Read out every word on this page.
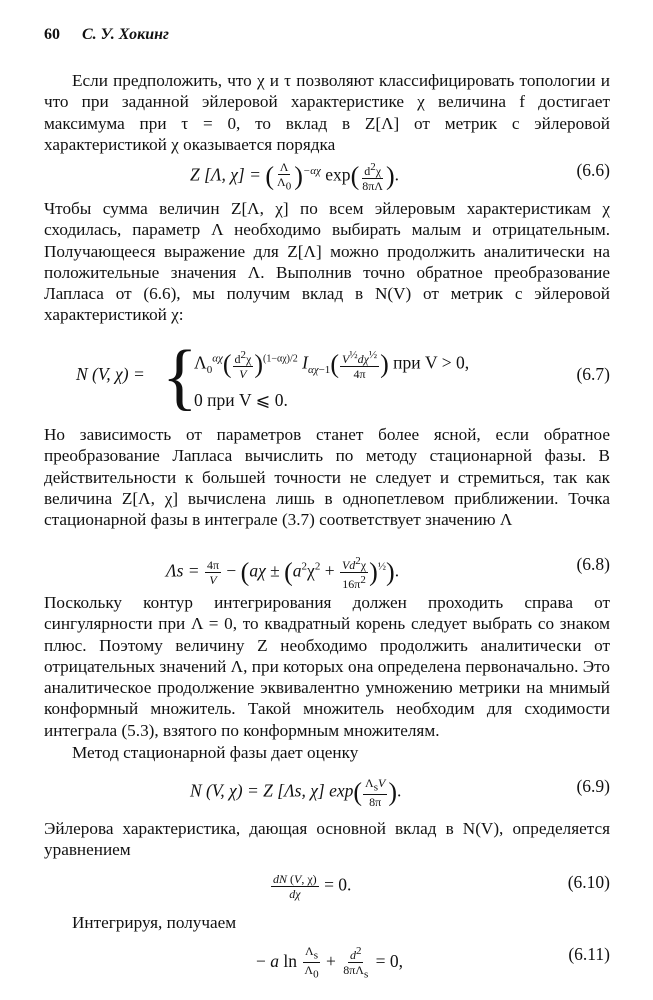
60 С. У. Хокинг

Если предположить, что χ и τ позволяют классифицировать топологии и что при заданной эйлеровой характеристике χ величина f достигает максимума при τ = 0, то вклад в Z[Λ] от метрик с эйлеровой характеристикой χ оказывается порядка

Z [Λ, χ] = ( $\frac{\Lambda}{\Lambda_0} )^{-\alpha\chi}$ $\exp( \frac{d^2\chi}{8\pi\Lambda}$ ).	(6.6)

Чтобы сумма величин Z[Λ, χ] по всем эйлеровым характеристикам χ сходилась, параметр Λ необходимо выбирать малым и отрицательным. Получающееся выражение для Z[Λ] можно продолжить аналитически на положительные значения Λ. Выполнив точно обратное преобразование Лапласа от (6.6), мы получим вклад в N(V) от метрик с эйлеровой характеристикой χ:

N (V, χ) = {
$\Lambda_0^{\alpha\chi}( \frac{d^2\chi}{V} )^{(1-\alpha\chi)/2}$ $I_{\alpha\chi-1}( \frac{V^{\frac{1}{2}}d\chi^{\frac{1}{2}}}{4\pi}$ ) при V > 0,
0 при V ⩽ 0.
(6.7)

Но зависимость от параметров станет более ясной, если обратное преобразование Лапласа вычислить по методу стационарной фазы. В действительности к большей точности не следует и стремиться, так как величина Z[Λ, χ] вычислена лишь в однопетлевом приближении. Точка стационарной фазы в интеграле (3.7) соответствует значению Λ

$\Lambda s = \frac{4\pi}{V} - (a\chi \pm (a^2\chi^2 + \frac{Vd^2\chi}{16\pi^2} )^{\frac{1}{2}})$.	(6.8)

Поскольку контур интегрирования должен проходить справа от сингулярности при Λ = 0, то квадратный корень следует выбрать со знаком плюс. Поэтому величину Z необходимо продолжить аналитически от отрицательных значений Λ, при которых она определена первоначально. Это аналитическое продолжение эквивалентно умножению метрики на мнимый конформный множитель. Такой множитель необходим для сходимости интеграла (5.3), взятого по конформным множителям.

Метод стационарной фазы дает оценку

N (V, χ) = Z [Λs, χ] exp( $\Lambda_sV$
8π ).	(6.9)

Эйлерова характеристика, дающая основной вклад в N(V), определяется уравнением

$\frac{dN (V, \chi)}{d\chi} = 0$.	(6.10)

Интегрируя, получаем

− a $\ln \frac{\Lambda_s}{\Lambda_0} + d^2$
$8\pi\Lambda_s$
= 0,	(6.11)
